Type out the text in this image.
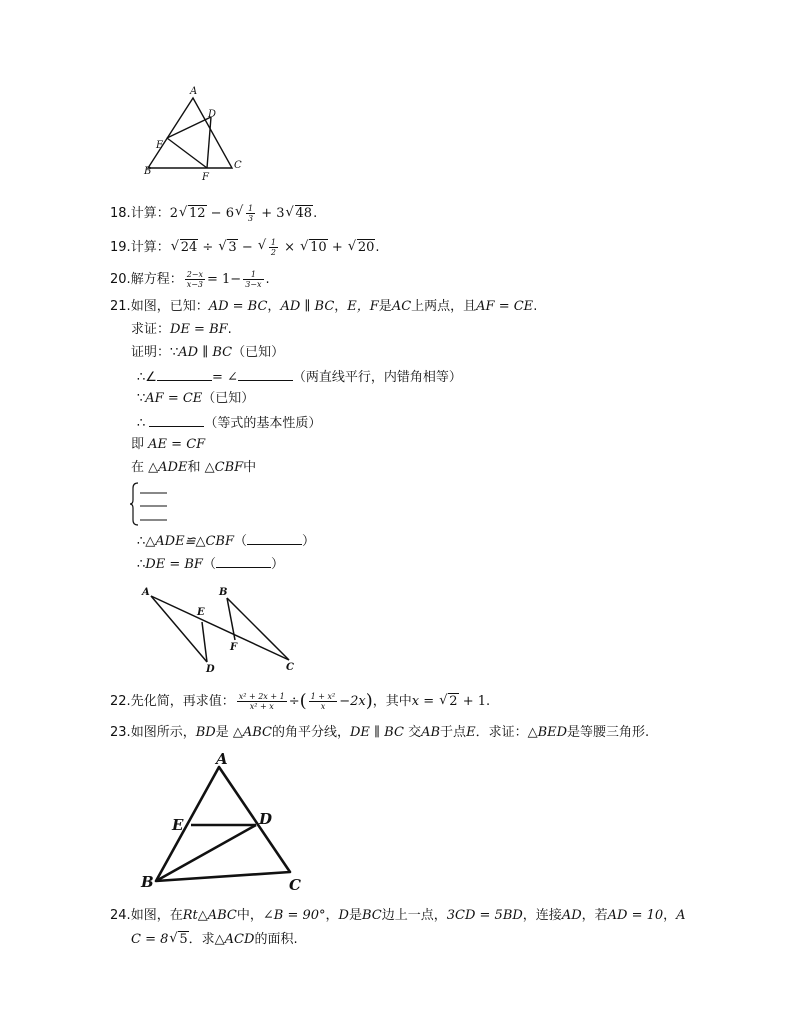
A
D
E
B
C
F
18.计算：2√ 12 − 6
√ $\frac{1}{3} + 3√$ 48.
19.计算：√ 24 ÷ √ 3 −
√ $\frac{1}{2}$ × √ 10 + √ 20.
20.解方程： $\frac{2-x}{x-3} = 1- \frac{1}{3-x}$ .
21.如图，已知：AD = BC，AD ∥ BC，E，F是AC上两点，且AF = CE.
求证：DE = BF.
证明：∵AD ∥ BC（已知）
∴∠	= ∠	（两直线平行，内错角相等）
∵AF = CE（已知）
∴	（等式的基本性质）
即 AE = CF
在 △ADE和 △CBF中
∴△ADE≌△CBF（	）
∴DE = BF（	）
A
E
B
F
D	C
22.先化简，再求值： $\frac{\text{x² + 2x + 1}}{\text{x² + x}}$ ÷( $\frac{\text{1 + x²}}{x} -2x$)，其中x = √ 2 + 1.
23.如图所示，BD是 △ABC的角平分线，DE ∥ BC 交AB于点E．求证：△BED是等腰三角形.
A
E	D
B	C
24.如图，在Rt△ABC中，∠B = 90°，D是BC边上一点，3CD = 5BD，连接AD，若AD = 10，A
C = 8√ 5．求△ACD的面积.
